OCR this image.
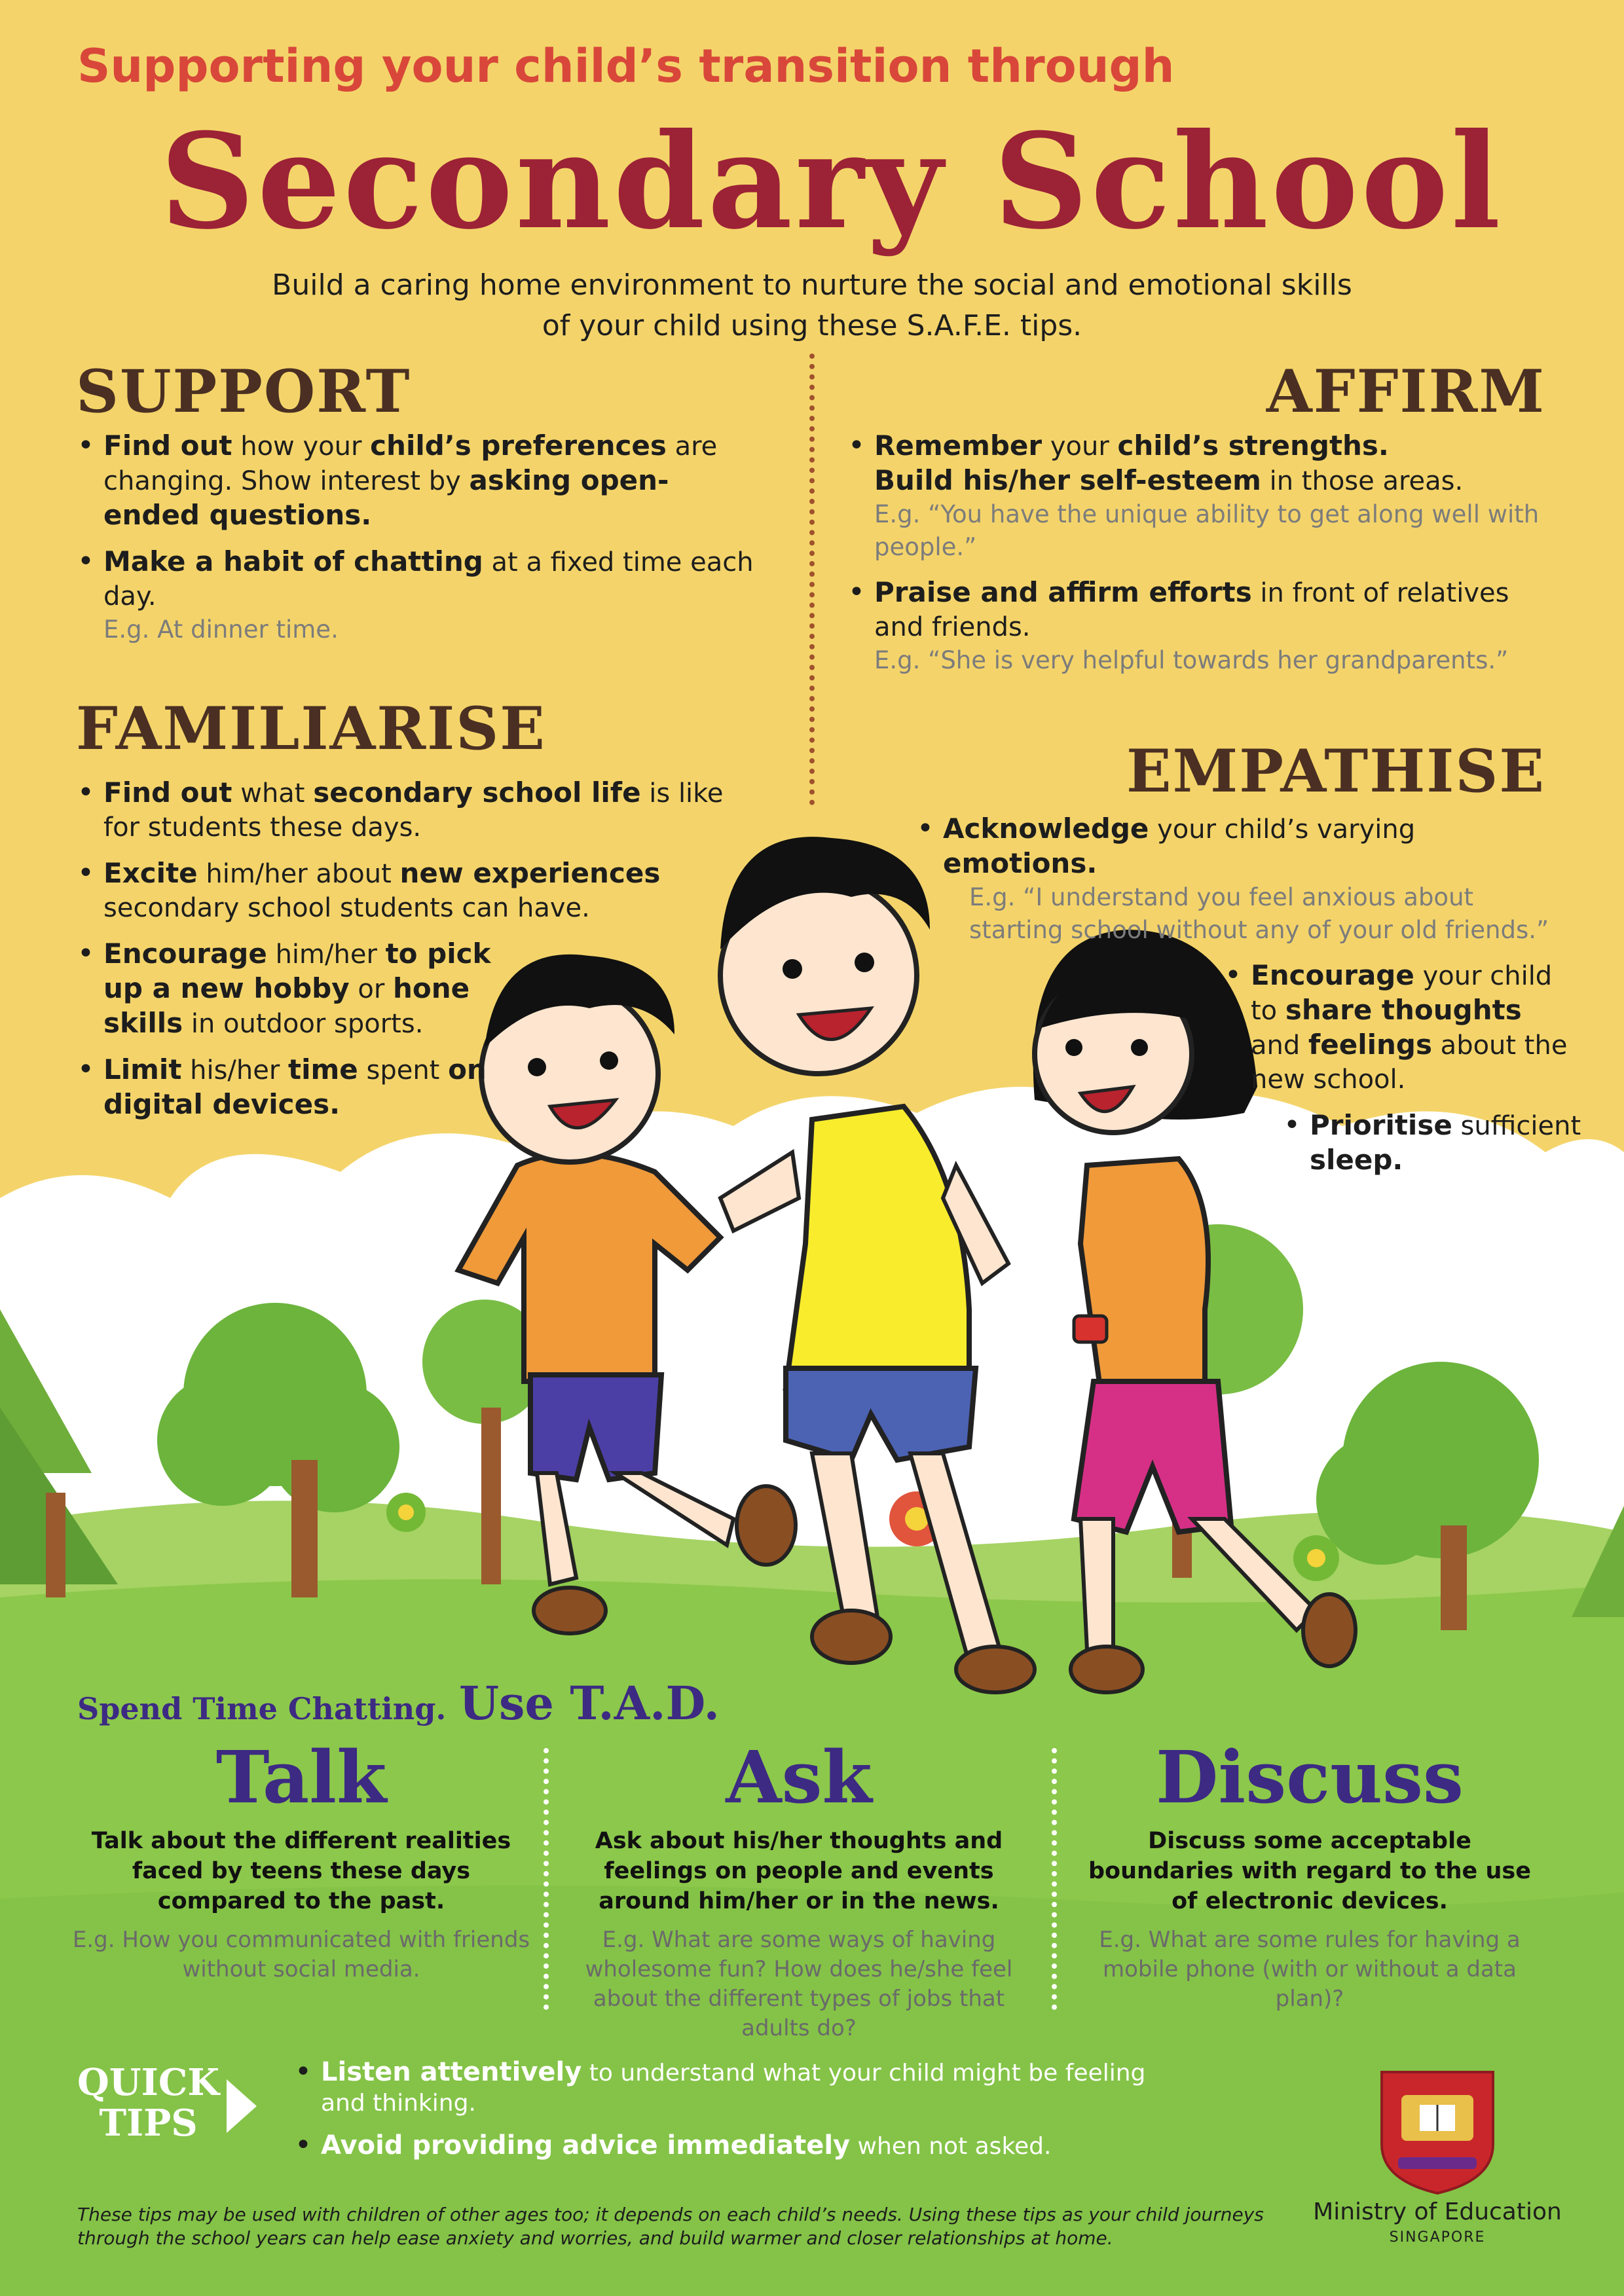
Supporting your child’s transition through
Secondary School
Build a caring home environment to nurture the social and emotional skills
of your child using these S.A.F.E. tips.
SUPPORT
• Find out how your child’s preferences are changing. Show interest by asking open-ended questions.
• Make a habit of chatting at a fixed time each day.
E.g. At dinner time.
AFFIRM
• Remember your child’s strengths.
Build his/her self-esteem in those areas.
E.g. “You have the unique ability to get along well with people.”
• Praise and affirm efforts in front of relatives and friends.
E.g. “She is very helpful towards her grandparents.”
FAMILIARISE
• Find out what secondary school life is like for students these days.
• Excite him/her about new experiences secondary school students can have.
• Encourage him/her to pick up a new hobby or hone skills in outdoor sports.
• Limit his/her time spent on digital devices.
EMPATHISE
• Acknowledge your child’s varying emotions.
E.g. “I understand you feel anxious about starting school without any of your old friends.”
• Encourage your child to share thoughts and feelings about the new school.
• Prioritise sufficient sleep.
Spend Time Chatting. Use T.A.D.
Talk
Talk about the different realities faced by teens these days compared to the past.
E.g. How you communicated with friends without social media.
Ask
Ask about his/her thoughts and feelings on people and events around him/her or in the news.
E.g. What are some ways of having wholesome fun? How does he/she feel about the different types of jobs that adults do?
Discuss
Discuss some acceptable boundaries with regard to the use of electronic devices.
E.g. What are some rules for having a mobile phone (with or without a data plan)?
QUICK
TIPS
• Listen attentively to understand what your child might be feeling and thinking.
• Avoid providing advice immediately when not asked.
These tips may be used with children of other ages too; it depends on each child’s needs. Using these tips as your child journeys through the school years can help ease anxiety and worries, and build warmer and closer relationships at home.
Ministry of Education
SINGAPORE
